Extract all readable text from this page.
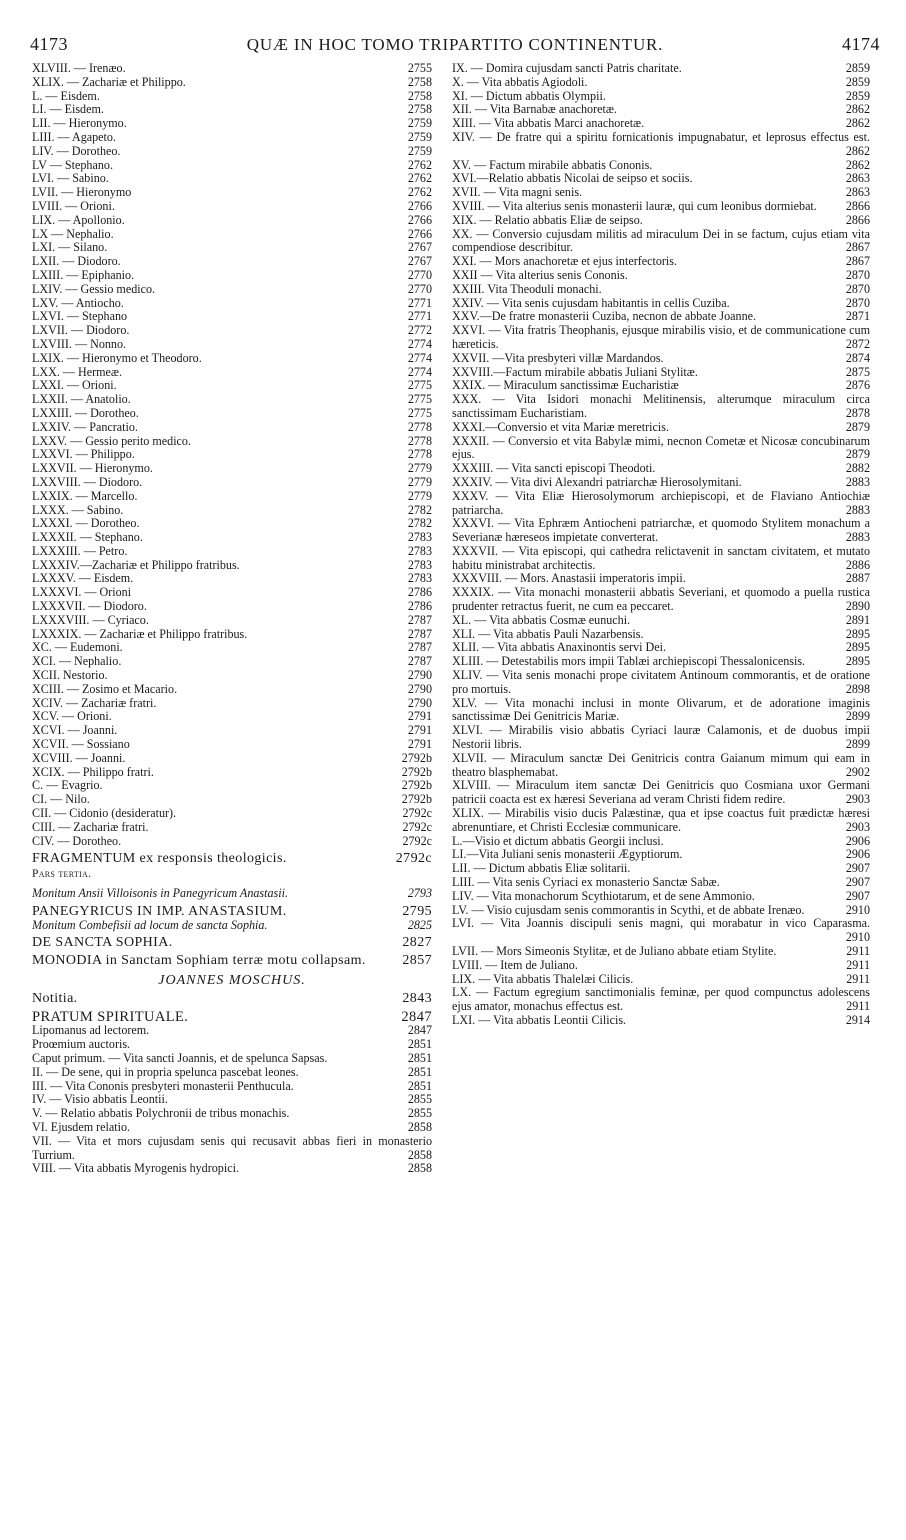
4173	QUÆ IN HOC TOMO TRIPARTITO CONTINENTUR.	4174
XLVIII. — Irenæo.	2755
XLIX. — Zachariæ et Philippo.	2758
L. — Eisdem.	2758
LI. — Eisdem.	2758
LII. — Hieronymo.	2759
LIII. — Agapeto.	2759
LIV. — Dorotheo.	2759
LV — Stephano.	2762
LVI. — Sabino.	2762
LVII. — Hieronymo	2762
LVIII. — Orioni.	2766
LIX. — Apollonio.	2766
LX — Nephalio.	2766
LXI. — Silano.	2767
LXII. — Diodoro.	2767
LXIII. — Epiphanio.	2770
LXIV. — Gessio medico.	2770
LXV. — Antiocho.	2771
LXVI. — Stephano	2771
LXVII. — Diodoro.	2772
LXVIII. — Nonno.	2774
LXIX. — Hieronymo et Theodoro.	2774
LXX. — Hermeæ.	2774
LXXI. — Orioni.	2775
LXXII. — Anatolio.	2775
LXXIII. — Dorotheo.	2775
LXXIV. — Pancratio.	2778
LXXV. — Gessio perito medico.	2778
LXXVI. — Philippo.	2778
LXXVII. — Hieronymo.	2779
LXXVIII. — Diodoro.	2779
LXXIX. — Marcello.	2779
LXXX. — Sabino.	2782
LXXXI. — Dorotheo.	2782
LXXXII. — Stephano.	2783
LXXXIII. — Petro.	2783
LXXXIV.—Zachariæ et Philippo fratribus.	2783
LXXXV. — Eisdem.	2783
LXXXVI. — Orioni	2786
LXXXVII. — Diodoro.	2786
LXXXVIII. — Cyriaco.	2787
LXXXIX. — Zachariæ et Philippo fratribus.	2787
XC. — Eudemoni.	2787
XCI. — Nephalio.	2787
XCII. Nestorio.	2790
XCIII. — Zosimo et Macario.	2790
XCIV. — Zachariæ fratri.	2790
XCV. — Orioni.	2791
XCVI. — Joanni.	2791
XCVII. — Sossiano	2791
XCVIII. — Joanni.	2792b
XCIX. — Philippo fratri.	2792b
C. — Evagrio.	2792b
CI. — Nilo.	2792b
CII. — Cidonio (desideratur).	2792c
CIII. — Zachariæ fratri.	2792c
CIV. — Dorotheo.	2792c
FRAGMENTUM ex responsis theologicis.	2792c
Pars tertia.
Monitum Ansii Villoisonis in Panegyricum Anastasii.	2793
PANEGYRICUS IN IMP. ANASTASIUM.	2795
Monitum Combefisii ad locum de sancta Sophia.	2825
DE SANCTA SOPHIA.	2827
MONODIA in Sanctam Sophiam terræ motu collapsam.	2857
JOANNES MOSCHUS.
Notitia.	2843
PRATUM SPIRITUALE.	2847
Lipomanus ad lectorem.	2847
Proœmium auctoris.	2851
Caput primum. — Vita sancti Joannis, et de spelunca Sapsas.	2851
II. — De sene, qui in propria spelunca pascebat leones.	2851
III. — Vita Cononis presbyteri monasterii Penthucula.	2851
IV. — Visio abbatis Leontii.	2855
V. — Relatio abbatis Polychronii de tribus monachis.	2855
VI. Ejusdem relatio.	2858
VII. — Vita et mors cujusdam senis qui recusavit abbas fieri in monasterio Turrium.	2858
VIII. — Vita abbatis Myrogenis hydropici.	2858
IX. — Domira cujusdam sancti Patris charitate.	2859
X. — Vita abbatis Agiodoli.	2859
XI. — Dictum abbatis Olympii.	2859
XII. — Vita Barnabæ anachoretæ.	2862
XIII. — Vita abbatis Marci anachoretæ.	2862
XIV. — De fratre qui a spiritu fornicationis impugnabatur, et leprosus effectus est.
2862
XV. — Factum mirabile abbatis Cononis.	2862
XVI.—Relatio abbatis Nicolai de seipso et sociis.	2863
XVII. — Vita magni senis.	2863
XVIII. — Vita alterius senis monasterii lauræ, qui cum leonibus dormiebat. 2866
XIX. — Relatio abbatis Eliæ de seipso.	2866
XX. — Conversio cujusdam militis ad miraculum Dei in se factum, cujus etiam vita compendiose describitur.	2867
XXI. — Mors anachoretæ et ejus interfectoris.	2867
XXII — Vita alterius senis Cononis.	2870
XXIII. Vita Theoduli monachi.	2870
XXIV. — Vita senis cujusdam habitantis in cellis Cuziba.	2870
XXV.—De fratre monasterii Cuziba, necnon de abbate Joanne.	2871
XXVI. — Vita fratris Theophanis, ejusque mirabilis visio, et de communicatione cum hæreticis.	2872
XXVII. —Vita presbyteri villæ Mardandos.	2874
XXVIII.—Factum mirabile abbatis Juliani Stylitæ.	2875
XXIX. — Miraculum sanctissimæ Eucharistiæ	2876
XXX. — Vita Isidori monachi Melitinensis, alterumque miraculum circa sanctissimam Eucharistiam.	2878
XXXI.—Conversio et vita Mariæ meretricis.	2879
XXXII. — Conversio et vita Babylæ mimi, necnon Cometæ et Nicosæ concubinarum ejus.	2879
XXXIII. — Vita sancti episcopi Theodoti.	2882
XXXIV. — Vita divi Alexandri patriarchæ Hierosolymitani.	2883
XXXV. — Vita Eliæ Hierosolymorum archiepiscopi, et de Flaviano Antiochiæ patriarcha.	2883
XXXVI. — Vita Ephræm Antiocheni patriarchæ, et quomodo Stylitem monachum a Severianæ hæreseos impietate converterat.	2883
XXXVII. — Vita episcopi, qui cathedra relictavenit in sanctam civitatem, et mutato habitu ministrabat architectis.	2886
XXXVIII. — Mors. Anastasii imperatoris impii.	2887
XXXIX. — Vita monachi monasterii abbatis Severiani, et quomodo a puella rustica prudenter retractus fuerit, ne cum ea peccaret.	2890
XL. — Vita abbatis Cosmæ eunuchi.	2891
XLI. — Vita abbatis Pauli Nazarbensis.	2895
XLII. — Vita abbatis Anaxinontis servi Dei.	2895
XLIII. — Detestabilis mors impii Tablæi archiepiscopi Thessalonicensis.	2895
XLIV. — Vita senis monachi prope civitatem Antinoum commorantis, et de oratione pro mortuis.	2898
XLV. — Vita monachi inclusi in monte Olivarum, et de adoratione imaginis sanctissimæ Dei Genitricis Mariæ.	2899
XLVI. — Mirabilis visio abbatis Cyriaci lauræ Calamonis, et de duobus impii Nestorii libris.	2899
XLVII. — Miraculum sanctæ Dei Genitricis contra Gaianum mimum qui eam in theatro blasphemabat.	2902
XLVIII. — Miraculum item sanctæ Dei Genitricis quo Cosmiana uxor Germani patricii coacta est ex hæresi Severiana ad veram Christi fidem redire.	2903
XLIX. — Mirabilis visio ducis Palæstinæ, qua et ipse coactus fuit prædictæ hæresi abrenuntiare, et Christi Ecclesiæ communicare.	2903
L.—Visio et dictum abbatis Georgii inclusi.	2906
LI.—Vita Juliani senis monasterii Ægyptiorum.	2906
LII. — Dictum abbatis Eliæ solitarii.	2907
LIII. — Vita senis Cyriaci ex monasterio Sanctæ Sabæ.	2907
LIV. — Vita monachorum Scythiotarum, et de sene Ammonio.	2907
LV. — Visio cujusdam senis commorantis in Scythi, et de abbate Irenæo.	2910
LVI. — Vita Joannis discipuli senis magni, qui morabatur in vico Caparasma.
2910
LVII. — Mors Simeonis Stylitæ, et de Juliano abbate etiam Stylite.	2911
LVIII. — Item de Juliano.	2911
LIX. — Vita abbatis Thalelæi Cilicis.	2911
LX. — Factum egregium sanctimonialis feminæ, per quod compunctus adolescens ejus amator, monachus effectus est.	2911
LXI. — Vita abbatis Leontii Cilicis.	2914
